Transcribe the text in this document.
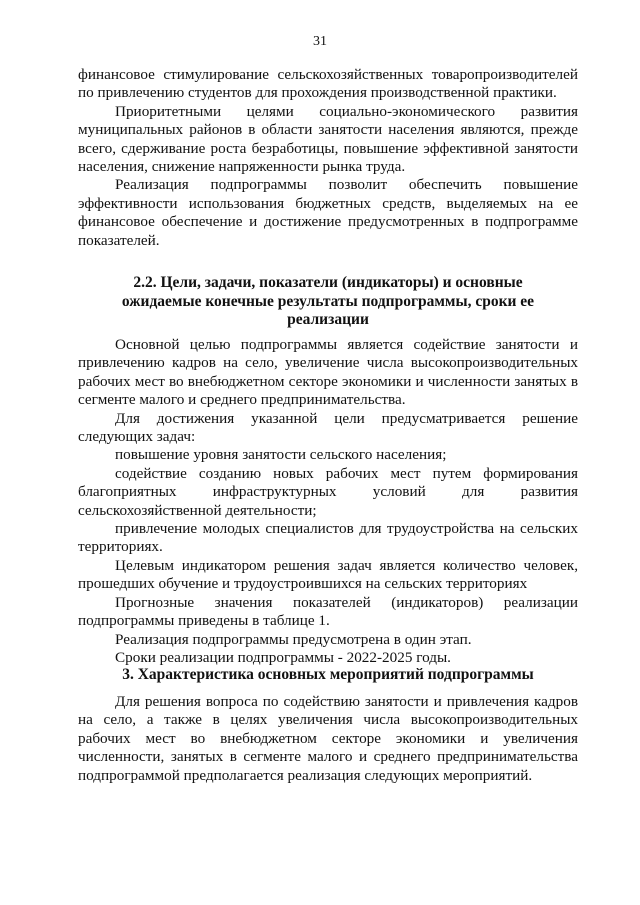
31

финансовое стимулирование сельскохозяйственных товаропроизводителей по привлечению студентов для прохождения производственной практики.

Приоритетными целями социально-экономического развития муниципальных районов в области занятости населения являются, прежде всего, сдерживание роста безработицы, повышение эффективной занятости населения, снижение напряженности рынка труда.

Реализация подпрограммы позволит обеспечить повышение эффективности использования бюджетных средств, выделяемых на ее финансовое обеспечение и достижение предусмотренных в подпрограмме показателей.

2.2. Цели, задачи, показатели (индикаторы) и основные

ожидаемые конечные результаты подпрограммы, сроки ее

реализации

Основной целью подпрограммы является содействие занятости и привлечению кадров на село, увеличение числа высокопроизводительных рабочих мест во внебюджетном секторе экономики и численности занятых в сегменте малого и среднего предпринимательства.

Для достижения указанной цели предусматривается решение следующих задач:

повышение уровня занятости сельского населения;

содействие созданию новых рабочих мест путем формирования благоприятных инфраструктурных условий для развития сельскохозяйственной деятельности;

привлечение молодых специалистов для трудоустройства на сельских территориях.

Целевым индикатором решения задач является количество человек, прошедших обучение и трудоустроившихся на сельских территориях

Прогнозные значения показателей (индикаторов) реализации подпрограммы приведены в таблице 1.

Реализация подпрограммы предусмотрена в один этап.

Сроки реализации подпрограммы - 2022-2025 годы.

3. Характеристика основных мероприятий подпрограммы

Для решения вопроса по содействию занятости и привлечения кадров на село, а также в целях увеличения числа высокопроизводительных рабочих мест во внебюджетном секторе экономики и увеличения численности, занятых в сегменте малого и среднего предпринимательства подпрограммой предполагается реализация следующих мероприятий.
